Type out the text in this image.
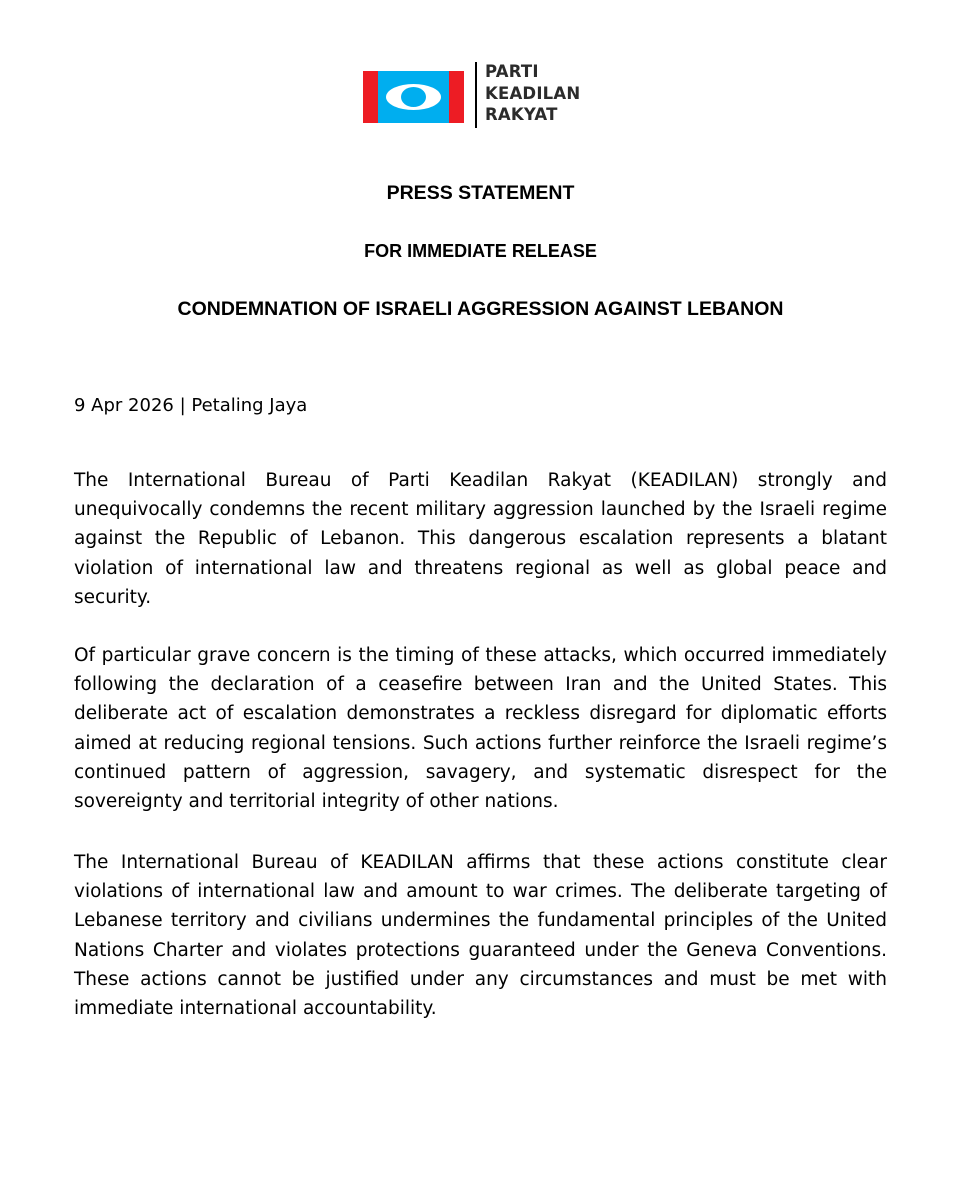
PARTI
KEADILAN
RAKYAT
PRESS STATEMENT
FOR IMMEDIATE RELEASE
CONDEMNATION OF ISRAELI AGGRESSION AGAINST LEBANON
9 Apr 2026 | Petaling Jaya

The International Bureau of Parti Keadilan Rakyat (KEADILAN) strongly and unequivocally condemns the recent military aggression launched by the Israeli regime against the Republic of Lebanon. This dangerous escalation represents a blatant violation of international law and threatens regional as well as global peace and security.

Of particular grave concern is the timing of these attacks, which occurred immediately following the declaration of a ceasefire between Iran and the United States. This deliberate act of escalation demonstrates a reckless disregard for diplomatic efforts aimed at reducing regional tensions. Such actions further reinforce the Israeli regime’s continued pattern of aggression, savagery, and systematic disrespect for the sovereignty and territorial integrity of other nations.

The International Bureau of KEADILAN affirms that these actions constitute clear violations of international law and amount to war crimes. The deliberate targeting of Lebanese territory and civilians undermines the fundamental principles of the United Nations Charter and violates protections guaranteed under the Geneva Conventions. These actions cannot be justified under any circumstances and must be met with immediate international accountability.
